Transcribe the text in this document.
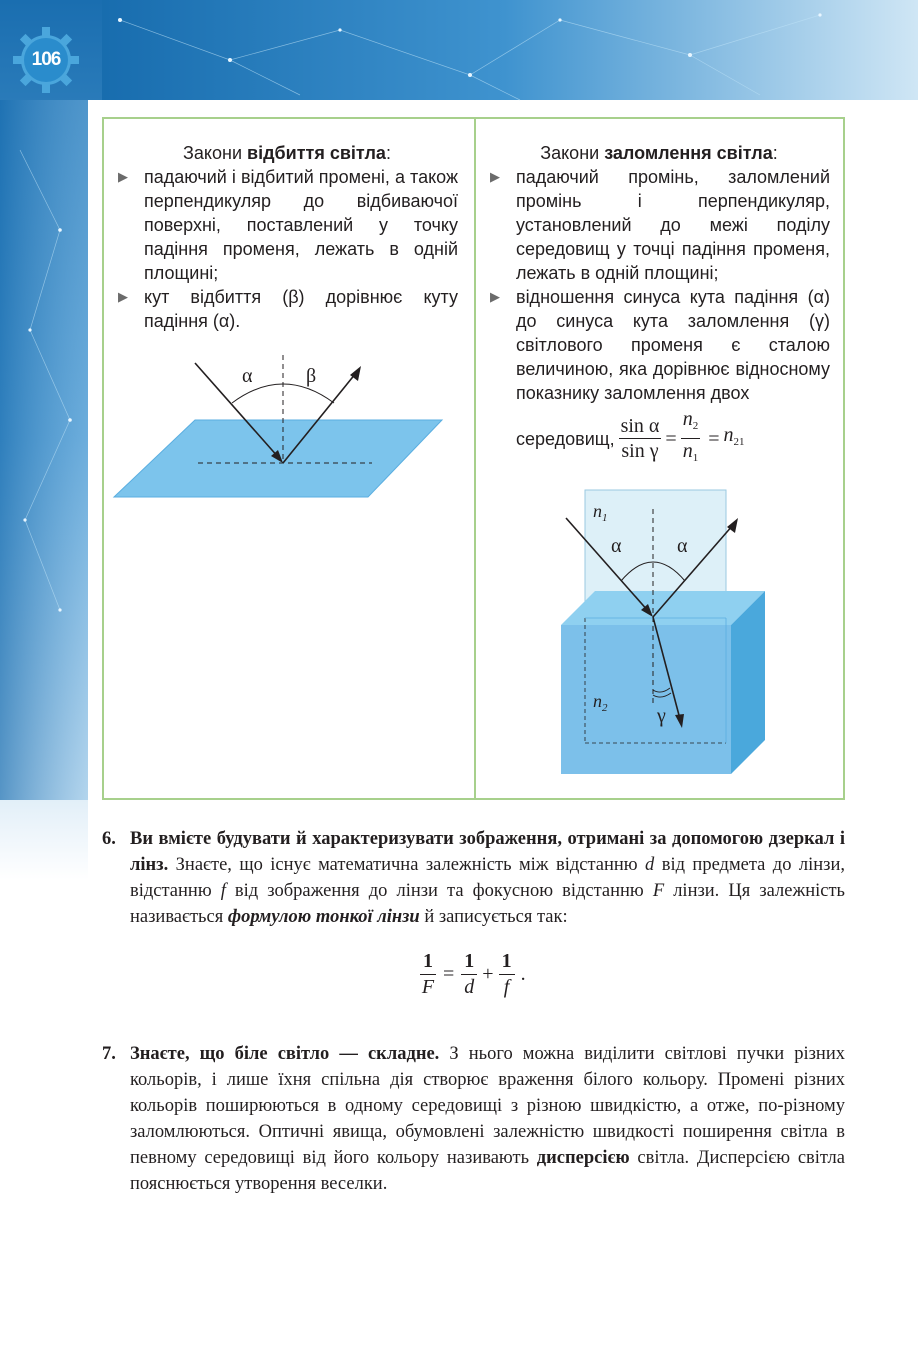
106
Закони відбиття світла:
▶ падаючий і відбитий промені, а також перпендикуляр до відбиваючої поверхні, поставлений у точку падіння променя, лежать в одній площині;
▶ кут відбиття (β) дорівнює куту падіння (α).
α	β
Закони заломлення світла:
▶ падаючий промінь, заломлений промінь і перпендикуляр, установлений до межі поділу середовищ у точці падіння променя, лежать в одній площині;
▶ відношення синуса кута падіння (α) до синуса кута заломлення (γ) світлового променя є сталою величиною, яка дорівнює відносному показнику заломлення двох
середовищ, $\frac{\text{sin α}}{\text{sin γ}} = \frac{n_2}{n_1} = n_{21}$
$n_1$
$n_2$
α	α
γ
6. Ви вмієте будувати й характеризувати зображення, отримані за допомогою дзеркал і лінз. Знаєте, що існує математична залежність між відстанню d від предмета до лінзи, відстанню f від зображення до лінзи та фокусною відстанню F лінзи. Ця залежність називається формулою тонкої лінзи й записується так:
$\frac{1}{F} = \frac{1}{d} + \frac{1}{f}$ .
7. Знаєте, що біле світло — складне. З нього можна виділити світлові пучки різних кольорів, і лише їхня спільна дія створює враження білого кольору. Промені різних кольорів поширюються в одному середовищі з різною швидкістю, а отже, по-різному заломлюються. Оптичні явища, обумовлені залежністю швидкості поширення світла в певному середовищі від його кольору називають дисперсією світла. Дисперсією світла пояснюється утворення веселки.
